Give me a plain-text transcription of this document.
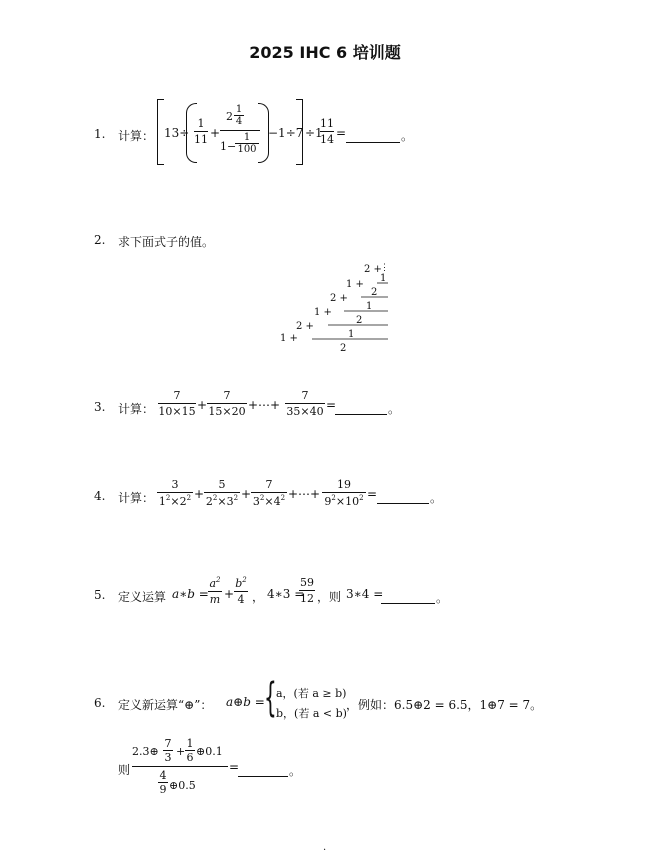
2025 IHC 6 培训题
1. 计算： 13÷
1
11 +
2
1
4
1−
1
100
−1÷7 ÷1
11
14 =
	。
2. 求下面式子的值。
2 +
⋮
1
1 +
2
2 +
1
1 +
2
2 +
1
1 +
2
3. 计算：
7
10×15 +
7
15×20 +⋯+
7
35×40 =
	。
4. 计算：
3
$1^2\times 2^2$ +
5
$2^2\times 3^2$ +
7
$3^2\times 4^2$ +⋯+
19
$9^2\times 10^2$ =
	。
5. 定义运算 a∗b =
$a^2$
m +
$b^2$
4 ， 4∗3 =
59
12 ，则 3∗4 =
	。
6. 定义新运算“⊕”： a⊕b = { a，(若 a ≥ b)
b，(若 a < b)
，例如：6.5⊕2 = 6.5，1⊕7 = 7。
则
2.3⊕
7
3 +
1
6 ⊕0.1
4
9 ⊕0.5
=
	。
.
